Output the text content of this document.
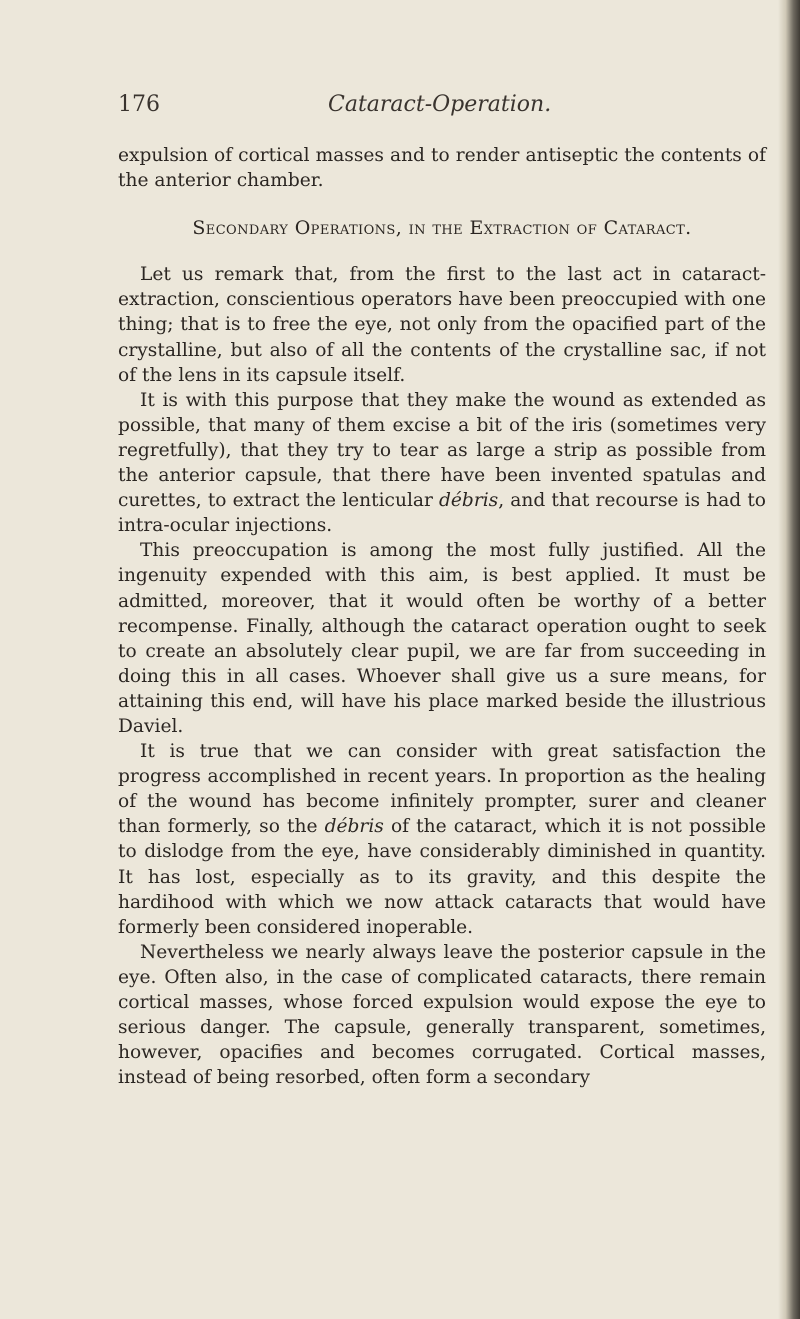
176	Cataract-Operation.

expulsion of cortical masses and to render antiseptic the contents of the anterior chamber.

Secondary Operations, in the Extraction of Cataract.

Let us remark that, from the first to the last act in cataract-extraction, conscientious operators have been preoccupied with one thing; that is to free the eye, not only from the opacified part of the crystalline, but also of all the contents of the crystalline sac, if not of the lens in its capsule itself.

It is with this purpose that they make the wound as extended as possible, that many of them excise a bit of the iris (sometimes very regretfully), that they try to tear as large a strip as possible from the anterior capsule, that there have been invented spatulas and curettes, to extract the lenticular débris, and that recourse is had to intra-ocular injections.

This preoccupation is among the most fully justified. All the ingenuity expended with this aim, is best applied. It must be admitted, moreover, that it would often be worthy of a better recompense. Finally, although the cataract operation ought to seek to create an absolutely clear pupil, we are far from succeeding in doing this in all cases. Whoever shall give us a sure means, for attaining this end, will have his place marked beside the illustrious Daviel.

It is true that we can consider with great satisfaction the progress accomplished in recent years. In proportion as the healing of the wound has become infinitely prompter, surer and cleaner than formerly, so the débris of the cataract, which it is not possible to dislodge from the eye, have considerably diminished in quantity. It has lost, especially as to its gravity, and this despite the hardihood with which we now attack cataracts that would have formerly been considered inoperable.

Nevertheless we nearly always leave the posterior capsule in the eye. Often also, in the case of complicated cataracts, there remain cortical masses, whose forced expulsion would expose the eye to serious danger. The capsule, generally transparent, sometimes, however, opacifies and becomes corrugated. Cortical masses, instead of being resorbed, often form a secondary
